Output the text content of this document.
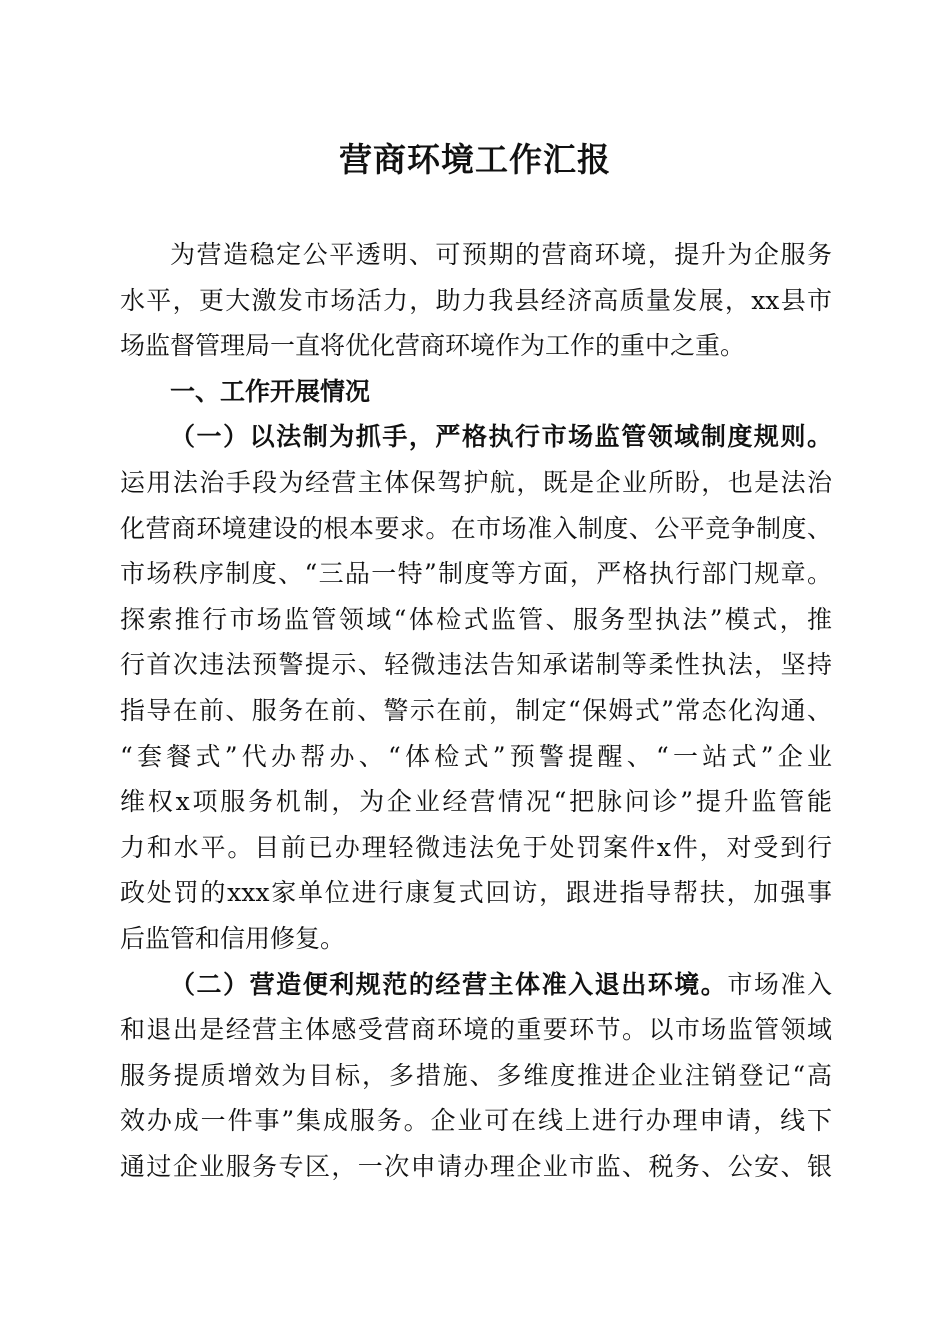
营商环境工作汇报
为营造稳定公平透明、可预期的营商环境，提升为企服务
水平，更大激发市场活力，助力我县经济高质量发展，xx县市
场监督管理局一直将优化营商环境作为工作的重中之重。
一、工作开展情况
（一）以法制为抓手，严格执行市场监管领域制度规则。
运用法治手段为经营主体保驾护航，既是企业所盼，也是法治
化营商环境建设的根本要求。在市场准入制度、公平竞争制度、
市场秩序制度、“三品一特”制度等方面，严格执行部门规章。
探索推行市场监管领域“体检式监管、服务型执法”模式，推
行首次违法预警提示、轻微违法告知承诺制等柔性执法，坚持
指导在前、服务在前、警示在前，制定“保姆式”常态化沟通、
“套餐式”代办帮办、“体检式”预警提醒、“一站式”企业
维权x项服务机制，为企业经营情况“把脉问诊”提升监管能
力和水平。目前已办理轻微违法免于处罚案件x件，对受到行
政处罚的xxx家单位进行康复式回访，跟进指导帮扶，加强事
后监管和信用修复。
（二）营造便利规范的经营主体准入退出环境。市场准入
和退出是经营主体感受营商环境的重要环节。以市场监管领域
服务提质增效为目标，多措施、多维度推进企业注销登记“高
效办成一件事”集成服务。企业可在线上进行办理申请，线下
通过企业服务专区，一次申请办理企业市监、税务、公安、银
